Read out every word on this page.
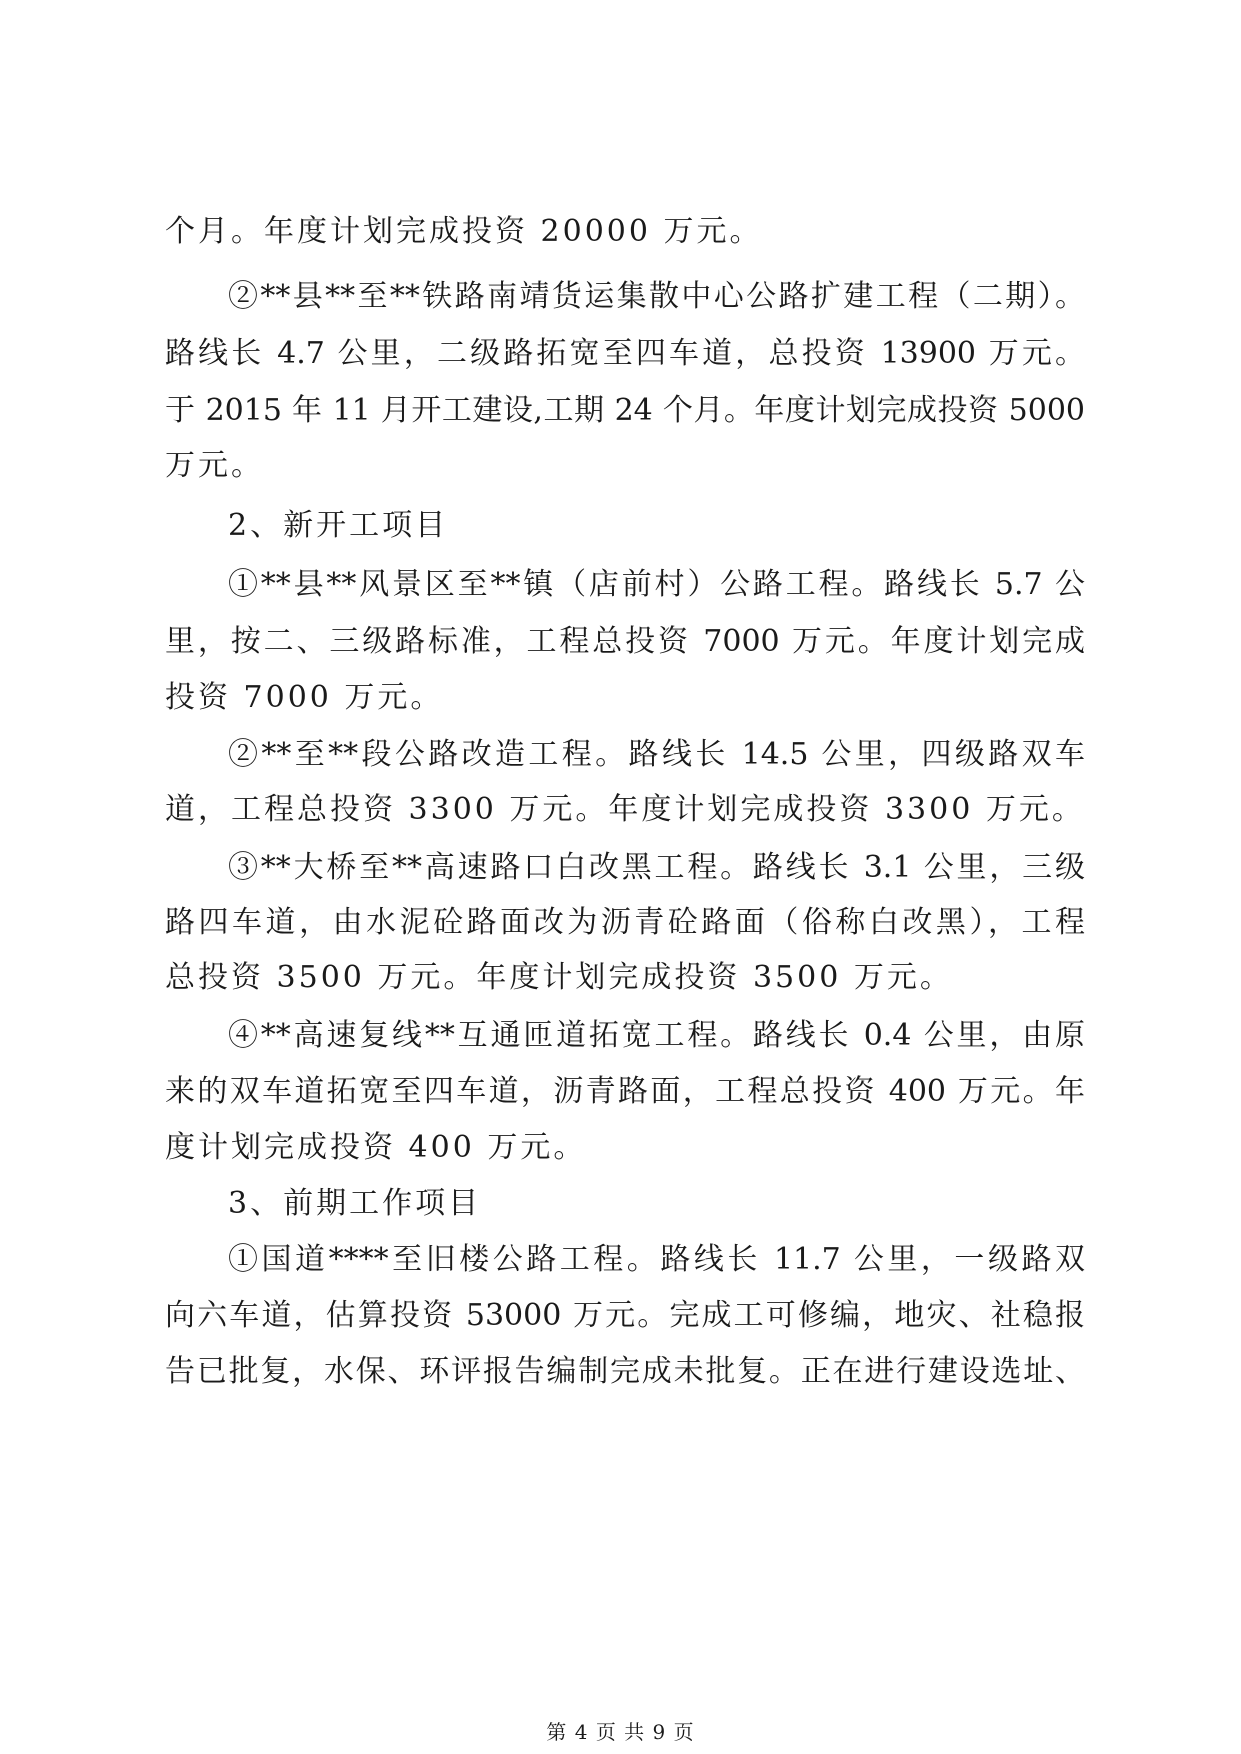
个月。年度计划完成投资 20000 万元。
②**县**至**铁路南靖货运集散中心公路扩建工程（二期）。
路线长 4.7 公里，二级路拓宽至四车道，总投资 13900 万元。
于 2015 年 11 月开工建设,工期 24 个月。年度计划完成投资 5000
万元。
2、新开工项目
①**县**风景区至**镇（店前村）公路工程。路线长 5.7 公
里，按二、三级路标准，工程总投资 7000 万元。年度计划完成
投资 7000 万元。
②**至**段公路改造工程。路线长 14.5 公里，四级路双车
道，工程总投资 3300 万元。年度计划完成投资 3300 万元。
③**大桥至**高速路口白改黑工程。路线长 3.1 公里，三级
路四车道，由水泥砼路面改为沥青砼路面（俗称白改黑），工程
总投资 3500 万元。年度计划完成投资 3500 万元。
④**高速复线**互通匝道拓宽工程。路线长 0.4 公里，由原
来的双车道拓宽至四车道，沥青路面，工程总投资 400 万元。年
度计划完成投资 400 万元。
3、前期工作项目
①国道****至旧楼公路工程。路线长 11.7 公里，一级路双
向六车道，估算投资 53000 万元。完成工可修编，地灾、社稳报
告已批复，水保、环评报告编制完成未批复。正在进行建设选址、
第 4 页 共 9 页
